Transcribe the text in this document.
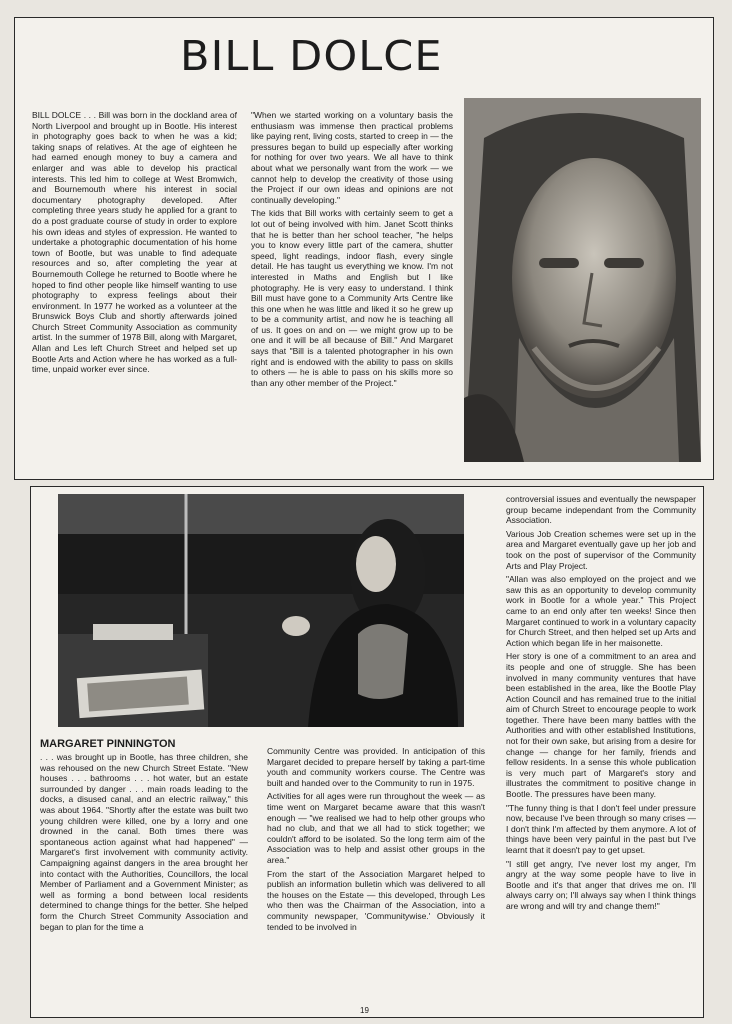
BILL DOLCE

BILL DOLCE . . . Bill was born in the dockland area of North Liverpool and brought up in Bootle. His interest in photography goes back to when he was a kid; taking snaps of relatives. At the age of eighteen he had earned enough money to buy a camera and enlarger and was able to develop his practical interests. This led him to college at West Bromwich, and Bournemouth where his interest in social documentary photography developed. After completing three years study he applied for a grant to do a post graduate course of study in order to explore his own ideas and styles of expression. He wanted to undertake a photographic documentation of his home town of Bootle, but was unable to find adequate resources and so, after completing the year at Bournemouth College he returned to Bootle where he hoped to find other people like himself wanting to use photography to express feelings about their environment. In 1977 he worked as a volunteer at the Brunswick Boys Club and shortly afterwards joined Church Street Community Association as community artist. In the summer of 1978 Bill, along with Margaret, Allan and Les left Church Street and helped set up Bootle Arts and Action where he has worked as a full-time, unpaid worker ever since.

"When we started working on a voluntary basis the enthusiasm was immense then practical problems like paying rent, living costs, started to creep in — the pressures began to build up especially after working for nothing for over two years. We all have to think about what we personally want from the work — we cannot help to develop the creativity of those using the Project if our own ideas and opinions are not continually developing."

The kids that Bill works with certainly seem to get a lot out of being involved with him. Janet Scott thinks that he is better than her school teacher, "he helps you to know every little part of the camera, shutter speed, light readings, indoor flash, every single detail. He has taught us everything we know. I'm not interested in Maths and English but I like photography. He is very easy to understand. I think Bill must have gone to a Community Arts Centre like this one when he was little and liked it so he grew up to be a community artist, and now he is teaching all of us. It goes on and on — we might grow up to be one and it will be all because of Bill." And Margaret says that "Bill is a talented photographer in his own right and is endowed with the ability to pass on skills to others — he is able to pass on his skills more so than any other member of the Project."

controversial issues and eventually the newspaper group became independant from the Community Association.

Various Job Creation schemes were set up in the area and Margaret eventually gave up her job and took on the post of supervisor of the Community Arts and Play Project.

"Allan was also employed on the project and we saw this as an opportunity to develop community work in Bootle for a whole year." This Project came to an end only after ten weeks! Since then Margaret continued to work in a voluntary capacity for Church Street, and then helped set up Arts and Action which began life in her maisonette.

Her story is one of a commitment to an area and its people and one of struggle. She has been involved in many community ventures that have been established in the area, like the Bootle Play Action Council and has remained true to the initial aim of Church Street to encourage people to work together. There have been many battles with the Authorities and with other established Institutions, not for their own sake, but arising from a desire for change — change for her family, friends and fellow residents. In a sense this whole publication is very much part of Margaret's story and illustrates the commitment to positive change in Bootle. The pressures have been many.

"The funny thing is that I don't feel under pressure now, because I've been through so many crises — I don't think I'm affected by them anymore. A lot of things have been very painful in the past but I've learnt that it doesn't pay to get upset.

"I still get angry, I've never lost my anger, I'm angry at the way some people have to live in Bootle and it's that anger that drives me on. I'll always carry on; I'll always say when I think things are wrong and will try and change them!"

MARGARET PINNINGTON

. . . was brought up in Bootle, has three children, she was rehoused on the new Church Street Estate. "New houses . . . bathrooms . . . hot water, but an estate surrounded by danger . . . main roads leading to the docks, a disused canal, and an electric railway," this was about 1964. "Shortly after the estate was built two young children were killed, one by a lorry and one drowned in the canal. Both times there was spontaneous action against what had happened" — Margaret's first involvement with community activity. Campaigning against dangers in the area brought her into contact with the Authorities, Councillors, the local Member of Parliament and a Government Minister; as well as forming a bond between local residents determined to change things for the better. She helped form the Church Street Community Association and began to plan for the time a

Community Centre was provided. In anticipation of this Margaret decided to prepare herself by taking a part-time youth and community workers course. The Centre was built and handed over to the Community to run in 1975.

Activities for all ages were run throughout the week — as time went on Margaret became aware that this wasn't enough — "we realised we had to help other groups who had no club, and that we all had to stick together; we couldn't afford to be isolated. So the long term aim of the Association was to help and assist other groups in the area."

From the start of the Association Margaret helped to publish an information bulletin which was delivered to all the houses on the Estate — this developed, through Les who then was the Chairman of the Association, into a community newspaper, 'Communitywise.' Obviously it tended to be involved in

19
